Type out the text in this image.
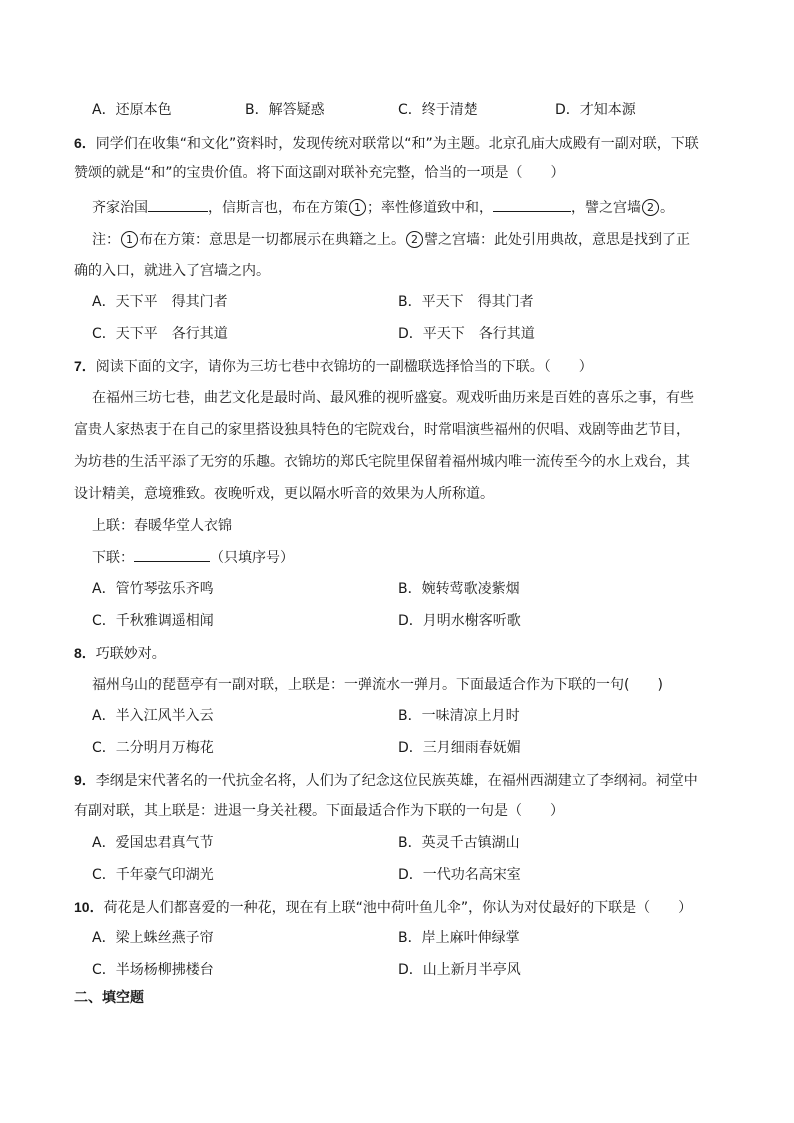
A．还原本色	B．解答疑惑	C．终于清楚	D．才知本源
6．同学们在收集“和文化”资料时，发现传统对联常以“和”为主题。北京孔庙大成殿有一副对联，下联
赞颂的就是“和”的宝贵价值。将下面这副对联补充完整，恰当的一项是（　　）
齐家治国	，信斯言也，布在方策 1 ；率性修道致中和，	，譬之宫墙 2 。
注： 1 布在方策：意思是一切都展示在典籍之上。 2 譬之宫墙：此处引用典故，意思是找到了正
确的入口，就进入了宫墙之内。
A．天下平　得其门者	B．平天下　得其门者
C．天下平　各行其道	D．平天下　各行其道
7．阅读下面的文字，请你为三坊七巷中衣锦坊的一副楹联选择恰当的下联。（　　）
在福州三坊七巷，曲艺文化是最时尚、最风雅的视听盛宴。观戏听曲历来是百姓的喜乐之事，有些
富贵人家热衷于在自己的家里搭设独具特色的宅院戏台，时常唱演些福州的伬唱、戏剧等曲艺节目，
为坊巷的生活平添了无穷的乐趣。衣锦坊的郑氏宅院里保留着福州城内唯一流传至今的水上戏台，其
设计精美，意境雅致。夜晚听戏，更以隔水听音的效果为人所称道。
上联：春暖华堂人衣锦
下联：	（只填序号）
A．管竹琴弦乐齐鸣	B．婉转莺歌凌紫烟
C．千秋雅调遥相闻	D．月明水榭客听歌
8．巧联妙对。
福州乌山的琵琶亭有一副对联，上联是：一弹流水一弹月。下面最适合作为下联的一句(　　)
A．半入江风半入云	B．一味清凉上月时
C．二分明月万梅花	D．三月细雨春妩媚
9．李纲是宋代著名的一代抗金名将，人们为了纪念这位民族英雄，在福州西湖建立了李纲祠。祠堂中
有副对联，其上联是：进退一身关社稷。下面最适合作为下联的一句是（　　）
A．爱国忠君真气节	B．英灵千古镇湖山
C．千年豪气印湖光	D．一代功名高宋室
10．荷花是人们都喜爱的一种花，现在有上联“池中荷叶鱼儿伞”，你认为对仗最好的下联是（　　）
A．梁上蛛丝燕子帘	B．岸上麻叶伸绿掌
C．半场杨柳拂楼台	D．山上新月半亭风
二、填空题
